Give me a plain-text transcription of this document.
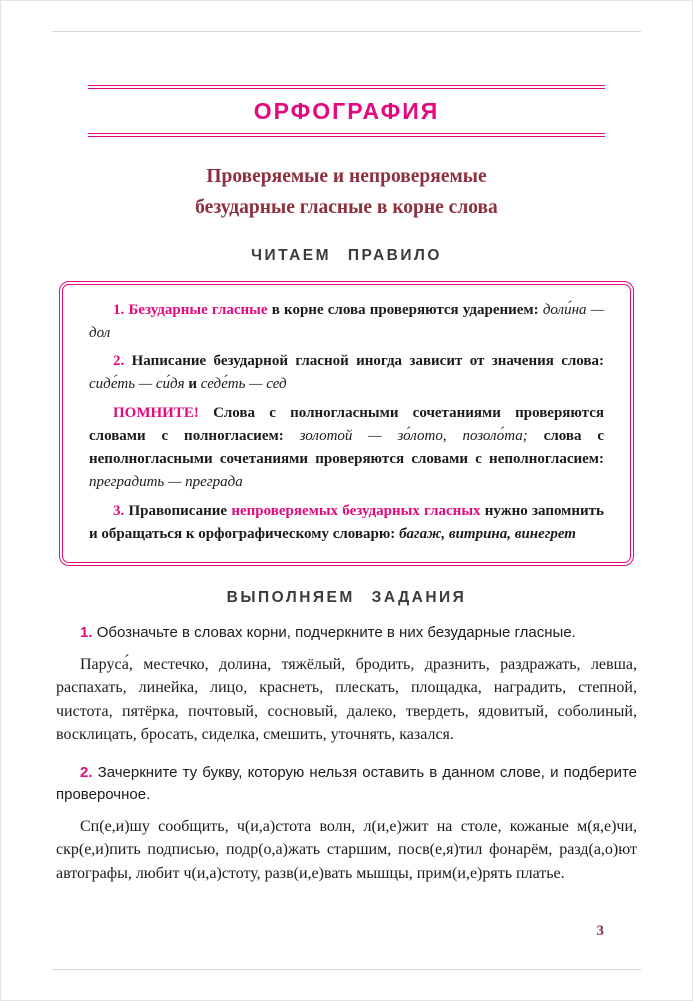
ОРФОГРАФИЯ
Проверяемые и непроверяемые
безударные гласные в корне слова
ЧИТАЕМ ПРАВИЛО

1. Безударные гласные в корне слова проверяются ударением: доли́на — дол

2. Написание безударной гласной иногда зависит от значения слова: сиде́ть — си́дя и седе́ть — сед

ПОМНИТЕ! Слова с полногласными сочетаниями проверяются словами с полногласием: золотой — зо́лото, позоло́та; слова с неполногласными сочетаниями проверяются словами с неполногласием: преградить — преграда

3. Правописание непроверяемых безударных гласных нужно запомнить и обращаться к орфографическому словарю: багаж, витрина, винегрет

ВЫПОЛНЯЕМ ЗАДАНИЯ

1. Обозначьте в словах корни, подчеркните в них безударные гласные.

Паруса́, местечко, долина, тяжёлый, бродить, дразнить, раздражать, левша, распахать, линейка, лицо, краснеть, плескать, площадка, наградить, степной, чистота, пятёрка, почтовый, сосновый, далеко, твердеть, ядовитый, соболиный, восклицать, бросать, сиделка, смешить, уточнять, казался.

2. Зачеркните ту букву, которую нельзя оставить в данном слове, и подберите проверочное.

Сп(е,и)шу сообщить, ч(и,а)стота волн, л(и,е)жит на столе, кожаные м(я,е)чи, скр(е,и)пить подписью, подр(о,а)жать старшим, посв(е,я)тил фонарём, разд(а,о)ют автографы, любит ч(и,а)стоту, разв(и,е)вать мышцы, прим(и,е)рять платье.

3
